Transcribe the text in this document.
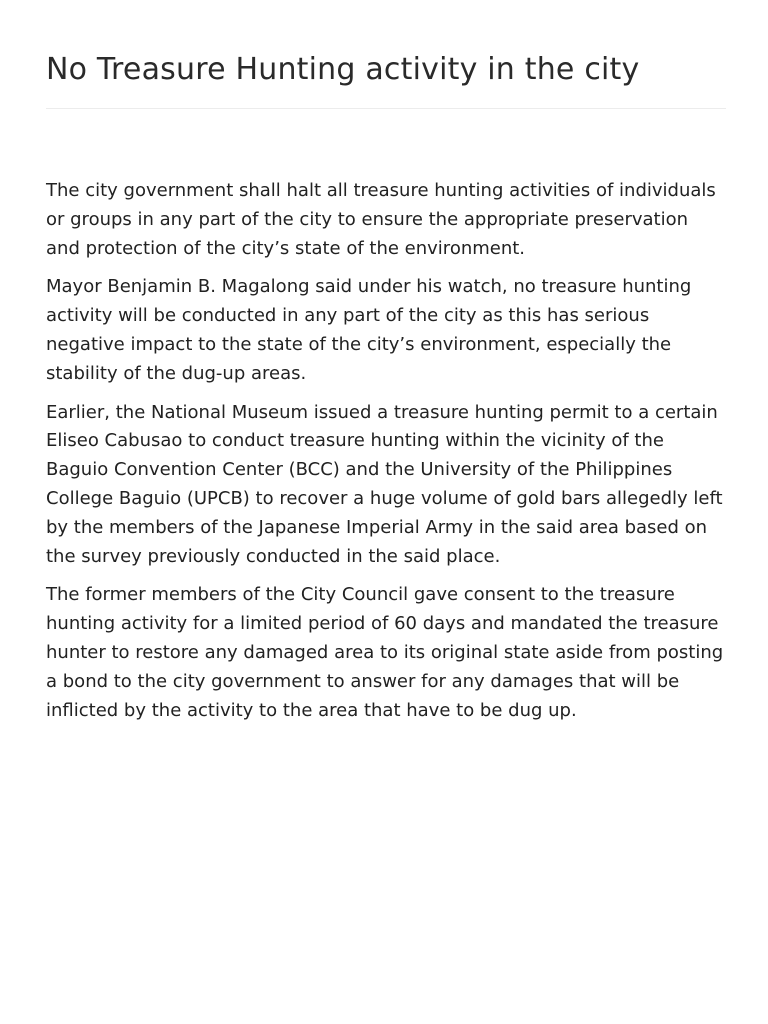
No Treasure Hunting activity in the city

The city government shall halt all treasure hunting activities of individuals or groups in any part of the city to ensure the appropriate preservation and protection of the city’s state of the environment.

Mayor Benjamin B. Magalong said under his watch, no treasure hunting activity will be conducted in any part of the city as this has serious negative impact to the state of the city’s environment, especially the stability of the dug-up areas.

Earlier, the National Museum issued a treasure hunting permit to a certain Eliseo Cabusao to conduct treasure hunting within the vicinity of the Baguio Convention Center (BCC) and the University of the Philippines College Baguio (UPCB) to recover a huge volume of gold bars allegedly left by the members of the Japanese Imperial Army in the said area based on the survey previously conducted in the said place.

The former members of the City Council gave consent to the treasure hunting activity for a limited period of 60 days and mandated the treasure hunter to restore any damaged area to its original state aside from posting a bond to the city government to answer for any damages that will be inflicted by the activity to the area that have to be dug up.
